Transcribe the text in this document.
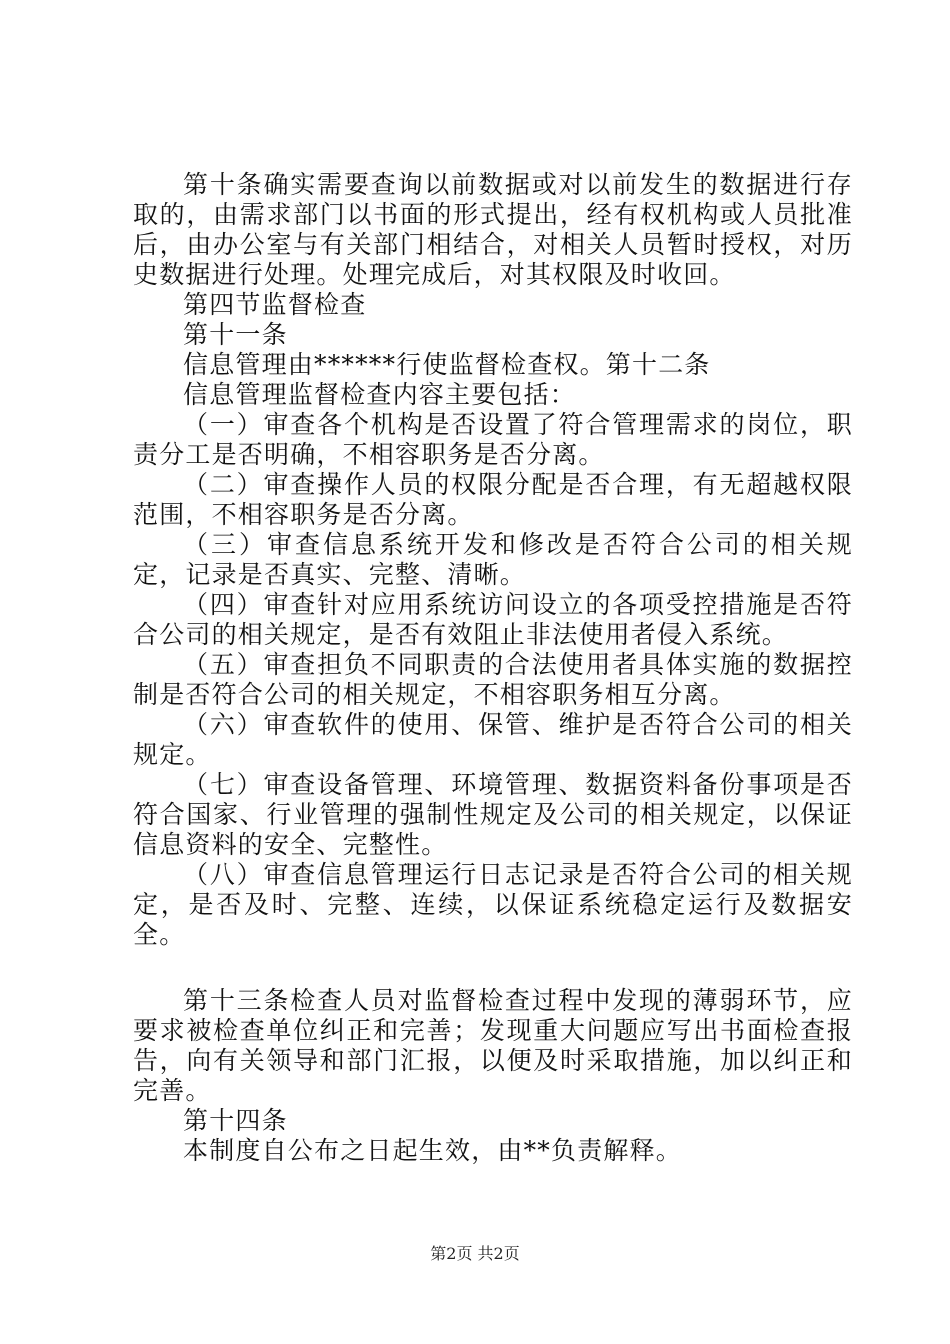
第十条确实需要查询以前数据或对以前发生的数据进行存取的，由需求部门以书面的形式提出，经有权机构或人员批准后，由办公室与有关部门相结合，对相关人员暂时授权，对历史数据进行处理。处理完成后，对其权限及时收回。

第四节监督检查

第十一条

信息管理由******行使监督检查权。第十二条

信息管理监督检查内容主要包括：

（一）审查各个机构是否设置了符合管理需求的岗位，职责分工是否明确，不相容职务是否分离。

（二）审查操作人员的权限分配是否合理，有无超越权限范围，不相容职务是否分离。

（三）审查信息系统开发和修改是否符合公司的相关规定，记录是否真实、完整、清晰。

（四）审查针对应用系统访问设立的各项受控措施是否符合公司的相关规定，是否有效阻止非法使用者侵入系统。

（五）审查担负不同职责的合法使用者具体实施的数据控制是否符合公司的相关规定，不相容职务相互分离。

（六）审查软件的使用、保管、维护是否符合公司的相关规定。

（七）审查设备管理、环境管理、数据资料备份事项是否符合国家、行业管理的强制性规定及公司的相关规定，以保证信息资料的安全、完整性。

（八）审查信息管理运行日志记录是否符合公司的相关规定，是否及时、完整、连续，以保证系统稳定运行及数据安全。

第十三条检查人员对监督检查过程中发现的薄弱环节，应要求被检查单位纠正和完善；发现重大问题应写出书面检查报告，向有关领导和部门汇报，以便及时采取措施，加以纠正和完善。

第十四条

本制度自公布之日起生效，由**负责解释。

第2页 共2页
